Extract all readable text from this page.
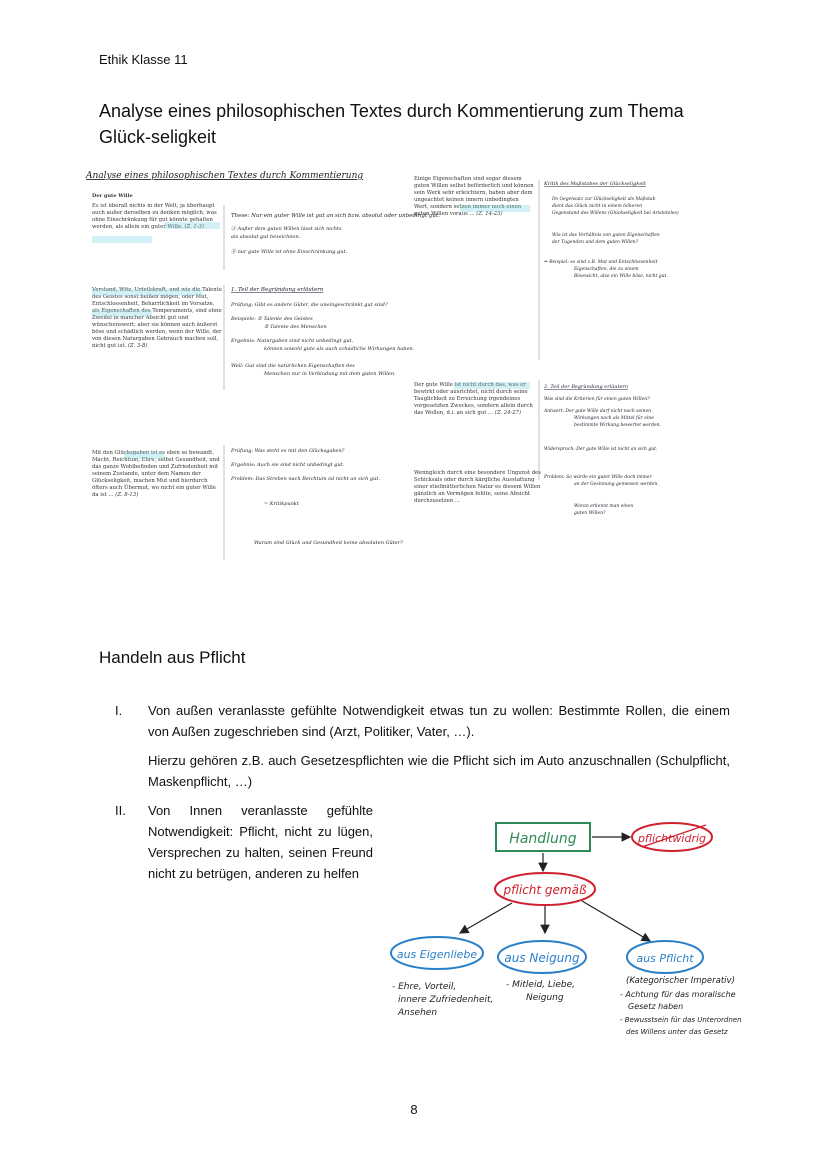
Ethik Klasse 11
Analyse eines philosophischen Textes durch Kommentierung zum Thema Glück-seligkeit
Analyse eines philosophischen Textes durch Kommentierung
Der gute Wille
Es ist überall nichts in der Welt, ja überhaupt auch außer derselben zu denken möglich, was ohne Einschränkung für gut könnte gehalten werden, als allein ein guter Wille. (Z. 1-3)
Verstand, Witz, Urteilskraft, und wie die Talente des Geistes sonst heißen mögen, oder Mut, Entschlossenheit, Beharrlichkeit im Vorsatze, als Eigenschaften des Temperaments, sind ohne Zweifel in mancher Absicht gut und wünschenswert; aber sie können auch äußerst böse und schädlich werden, wenn der Wille, der von diesen Naturgaben Gebrauch machen soll, nicht gut ist. (Z. 3-8)
Mit den Glücksgaben ist es eben so bewandt. Macht, Reichtum, Ehre, selbst Gesundheit, und das ganze Wohlbefinden und Zufriedenheit mit seinem Zustande, unter dem Namen der Glückseligkeit, machen Mut und hierdurch öfters auch Übermut, wo nicht ein guter Wille da ist ... (Z. 8-13)
These: Nur ein guter Wille ist gut an sich bzw. absolut oder unbedingt gut.
Ⓐ Außer dem guten Willen lässt sich nichts
als absolut gut bezeichnen.
Ⓑ nur gute Wille ist ohne Einschränkung gut.
1. Teil der Begründung erläutern
Prüfung: Gibt es andere Güter, die uneingeschränkt gut sind?
Beispiele: ① Talente des Geistes
② Talente des Menschen
Ergebnis: Naturgaben sind nicht unbedingt gut,
können sowohl gute als auch schädliche Wirkungen haben.
Weil: Gut sind die natürlichen Eigenschaften des
Menschen nur in Verbindung mit dem guten Willen.
Prüfung: Was steht es mit den Glücksgaben?
Ergebnis: Auch sie sind nicht unbedingt gut.
Problem: Das Streben nach Reichtum ist nicht an sich gut.
= Kritikpunkt
Warum sind Glück und Gesundheit keine absoluten Güter?
Einige Eigenschaften sind sogar diesem guten Willen selbst beförderlich und können sein Werk sehr erleichtern, haben aber dem ungeachtet keinen innern unbedingten Wert, sondern setzen immer noch einen guten Willen voraus ... (Z. 14-23)
Der gute Wille ist nicht durch das, was er bewirkt oder ausrichtet, nicht durch seine Tauglichkeit zu Erreichung irgendeines vorgesetzten Zweckes, sondern allein durch das Wollen, d.i. an sich gut ... (Z. 24-27)
Wenngleich durch eine besondere Ungunst des Schicksals oder durch kärgliche Ausstattung einer stiefmütterlichen Natur es diesem Willen gänzlich an Vermögen fehlte, seine Absicht durchzusetzen ...
Kritik des Maßstabes der Glückseligkeit
Im Gegensatz zur Glückseligkeit als Maßstab
dient das Glück nicht in einem höheren
Gegenstand des Willens (Glückseligkeit bei Aristoteles)
Wie ist das Verhältnis von guten Eigenschaften
der Tugenden und dem guten Willen?
⇒ Beispiel: so sind z.B. Mut und Entschlossenheit
Eigenschaften, die zu einem
Bösewicht, also ein Wille böse, nicht gut.
2. Teil der Begründung erläutern
Was sind die Kriterien für einen guten Willen?
Antwort: Der gute Wille darf nicht nach seinen
Wirkungen noch als Mittel für eine
bestimmte Wirkung bewertet werden.
Widerspruch: Der gute Wille ist nicht an sich gut.
Problem: So würde ein guter Wille doch immer
an der Gesinnung gemessen werden.
Woran erkennt man einen
guten Willen?
Handeln aus Pflicht
I. Von außen veranlasste gefühlte Notwendigkeit etwas tun zu wollen: Bestimmte Rollen, die einem von Außen zugeschrieben sind (Arzt, Politiker, Vater, …).
Hierzu gehören z.B. auch Gesetzespflichten wie die Pflicht sich im Auto anzuschnallen (Schulpflicht, Maskenpflicht, …)
II. Von Innen veranlasste gefühlte Notwendigkeit: Pflicht, nicht zu lügen, Versprechen zu halten, seinen Freund nicht zu betrügen, anderen zu helfen
Handlung	pflichtwidrig
pflicht gemäß
aus Eigenliebe aus Neigung	aus Pflicht
- Ehre, Vorteil,
innere Zufriedenheit,
Ansehen
- Mitleid, Liebe,
Neigung
(Kategorischer Imperativ)
- Achtung für das moralische
Gesetz haben
- Bewusstsein für das Unterordnen
des Willens unter das Gesetz
8
